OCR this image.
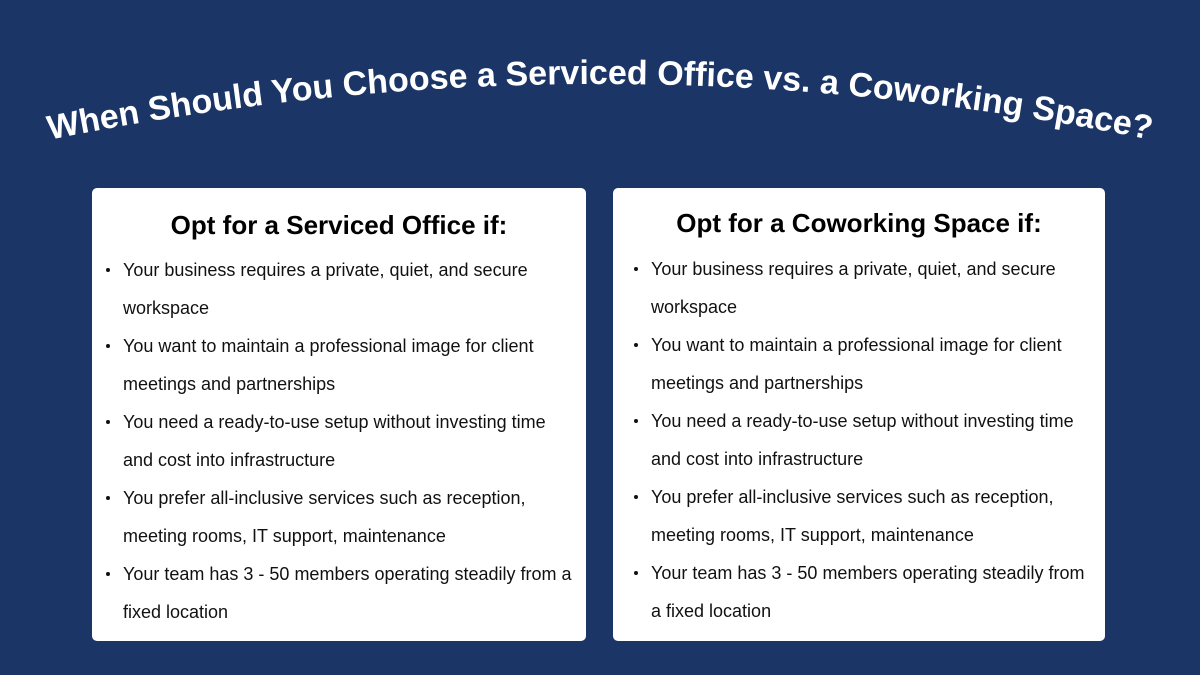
When Should You Choose a Serviced Office vs. a Coworking Space?
Opt for a Serviced Office if:
Your business requires a private, quiet, and secure workspace
You want to maintain a professional image for client meetings and partnerships
You need a ready-to-use setup without investing time and cost into infrastructure
You prefer all-inclusive services such as reception, meeting rooms, IT support, maintenance
Your team has 3 - 50 members operating steadily from a fixed location
Opt for a Coworking Space if:
Your business requires a private, quiet, and secure workspace
You want to maintain a professional image for client meetings and partnerships
You need a ready-to-use setup without investing time and cost into infrastructure
You prefer all-inclusive services such as reception, meeting rooms, IT support, maintenance
Your team has 3 - 50 members operating steadily from a fixed location
